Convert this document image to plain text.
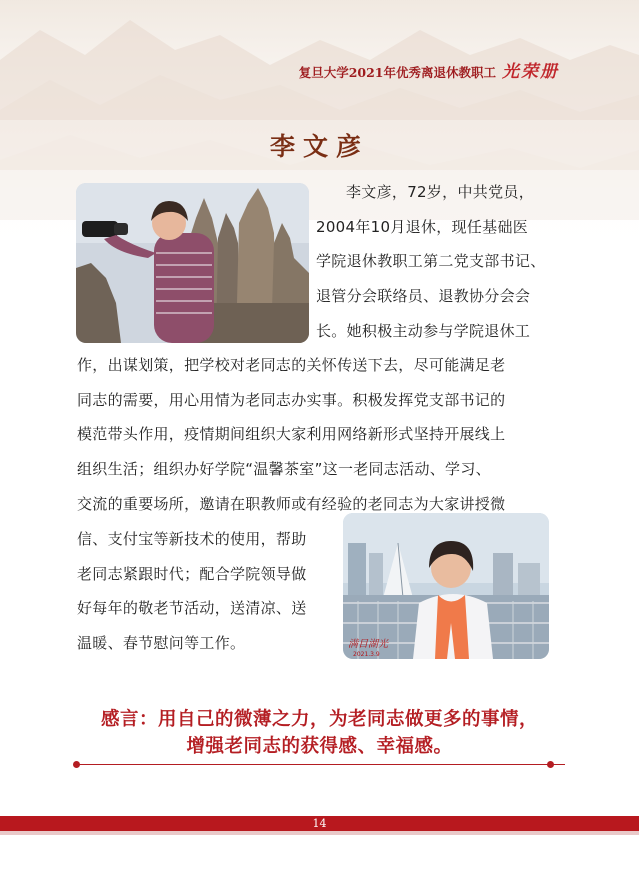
复旦大学2021年优秀离退休教职工 光荣册
李文彦
李文彦，72岁，中共党员，
2004年10月退休，现任基础医
学院退休教职工第二党支部书记、
退管分会联络员、退教协分会会
长。她积极主动参与学院退休工
作，出谋划策，把学校对老同志的关怀传送下去，尽可能满足老
同志的需要，用心用情为老同志办实事。积极发挥党支部书记的
模范带头作用，疫情期间组织大家利用网络新形式坚持开展线上
组织生活；组织办好学院“温馨茶室”这一老同志活动、学习、
交流的重要场所，邀请在职教师或有经验的老同志为大家讲授微
信、支付宝等新技术的使用，帮助
老同志紧跟时代；配合学院领导做
好每年的敬老节活动，送清凉、送
温暖、春节慰问等工作。	满目湖光
2021.3.9
感言：用自己的微薄之力，为老同志做更多的事情，
增强老同志的获得感、幸福感。
14
